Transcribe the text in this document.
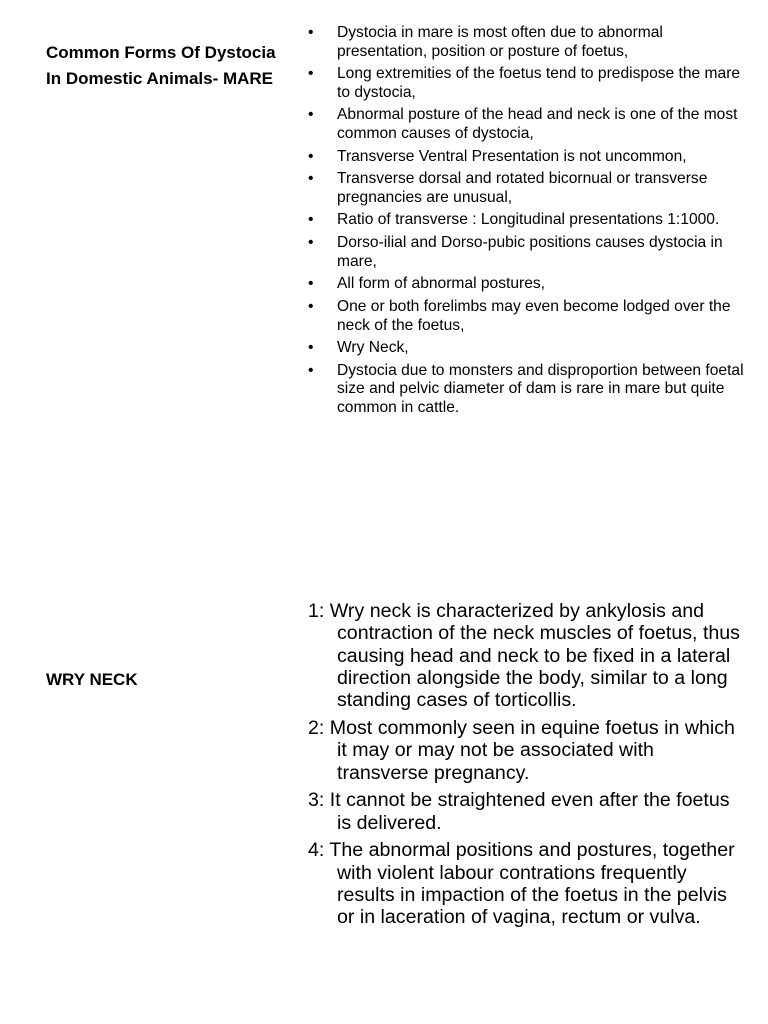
Common Forms Of Dystocia In Domestic Animals- MARE
• Dystocia in mare is most often due to abnormal presentation, position or posture of foetus,
• Long extremities of the foetus tend to predispose the mare to dystocia,
• Abnormal posture of the head and neck is one of the most common causes of dystocia,
• Transverse Ventral Presentation is not uncommon,
• Transverse dorsal and rotated bicornual or transverse pregnancies are unusual,
• Ratio of transverse : Longitudinal presentations 1:1000.
• Dorso-ilial and Dorso-pubic positions causes dystocia in mare,
• All form of abnormal postures,
• One or both forelimbs may even become lodged over the neck of the foetus,
• Wry Neck,
• Dystocia due to monsters and disproportion between foetal size and pelvic diameter of dam is rare in mare but quite common in cattle.
WRY NECK
1: Wry neck is characterized by ankylosis and contraction of the neck muscles of foetus, thus causing head and neck to be fixed in a lateral direction alongside the body, similar to a long standing cases of torticollis.
2: Most commonly seen in equine foetus in which it may or may not be associated with transverse pregnancy.
3: It cannot be straightened even after the foetus is delivered.
4: The abnormal positions and postures, together with violent labour contrations frequently results in impaction of the foetus in the pelvis or in laceration of vagina, rectum or vulva.
